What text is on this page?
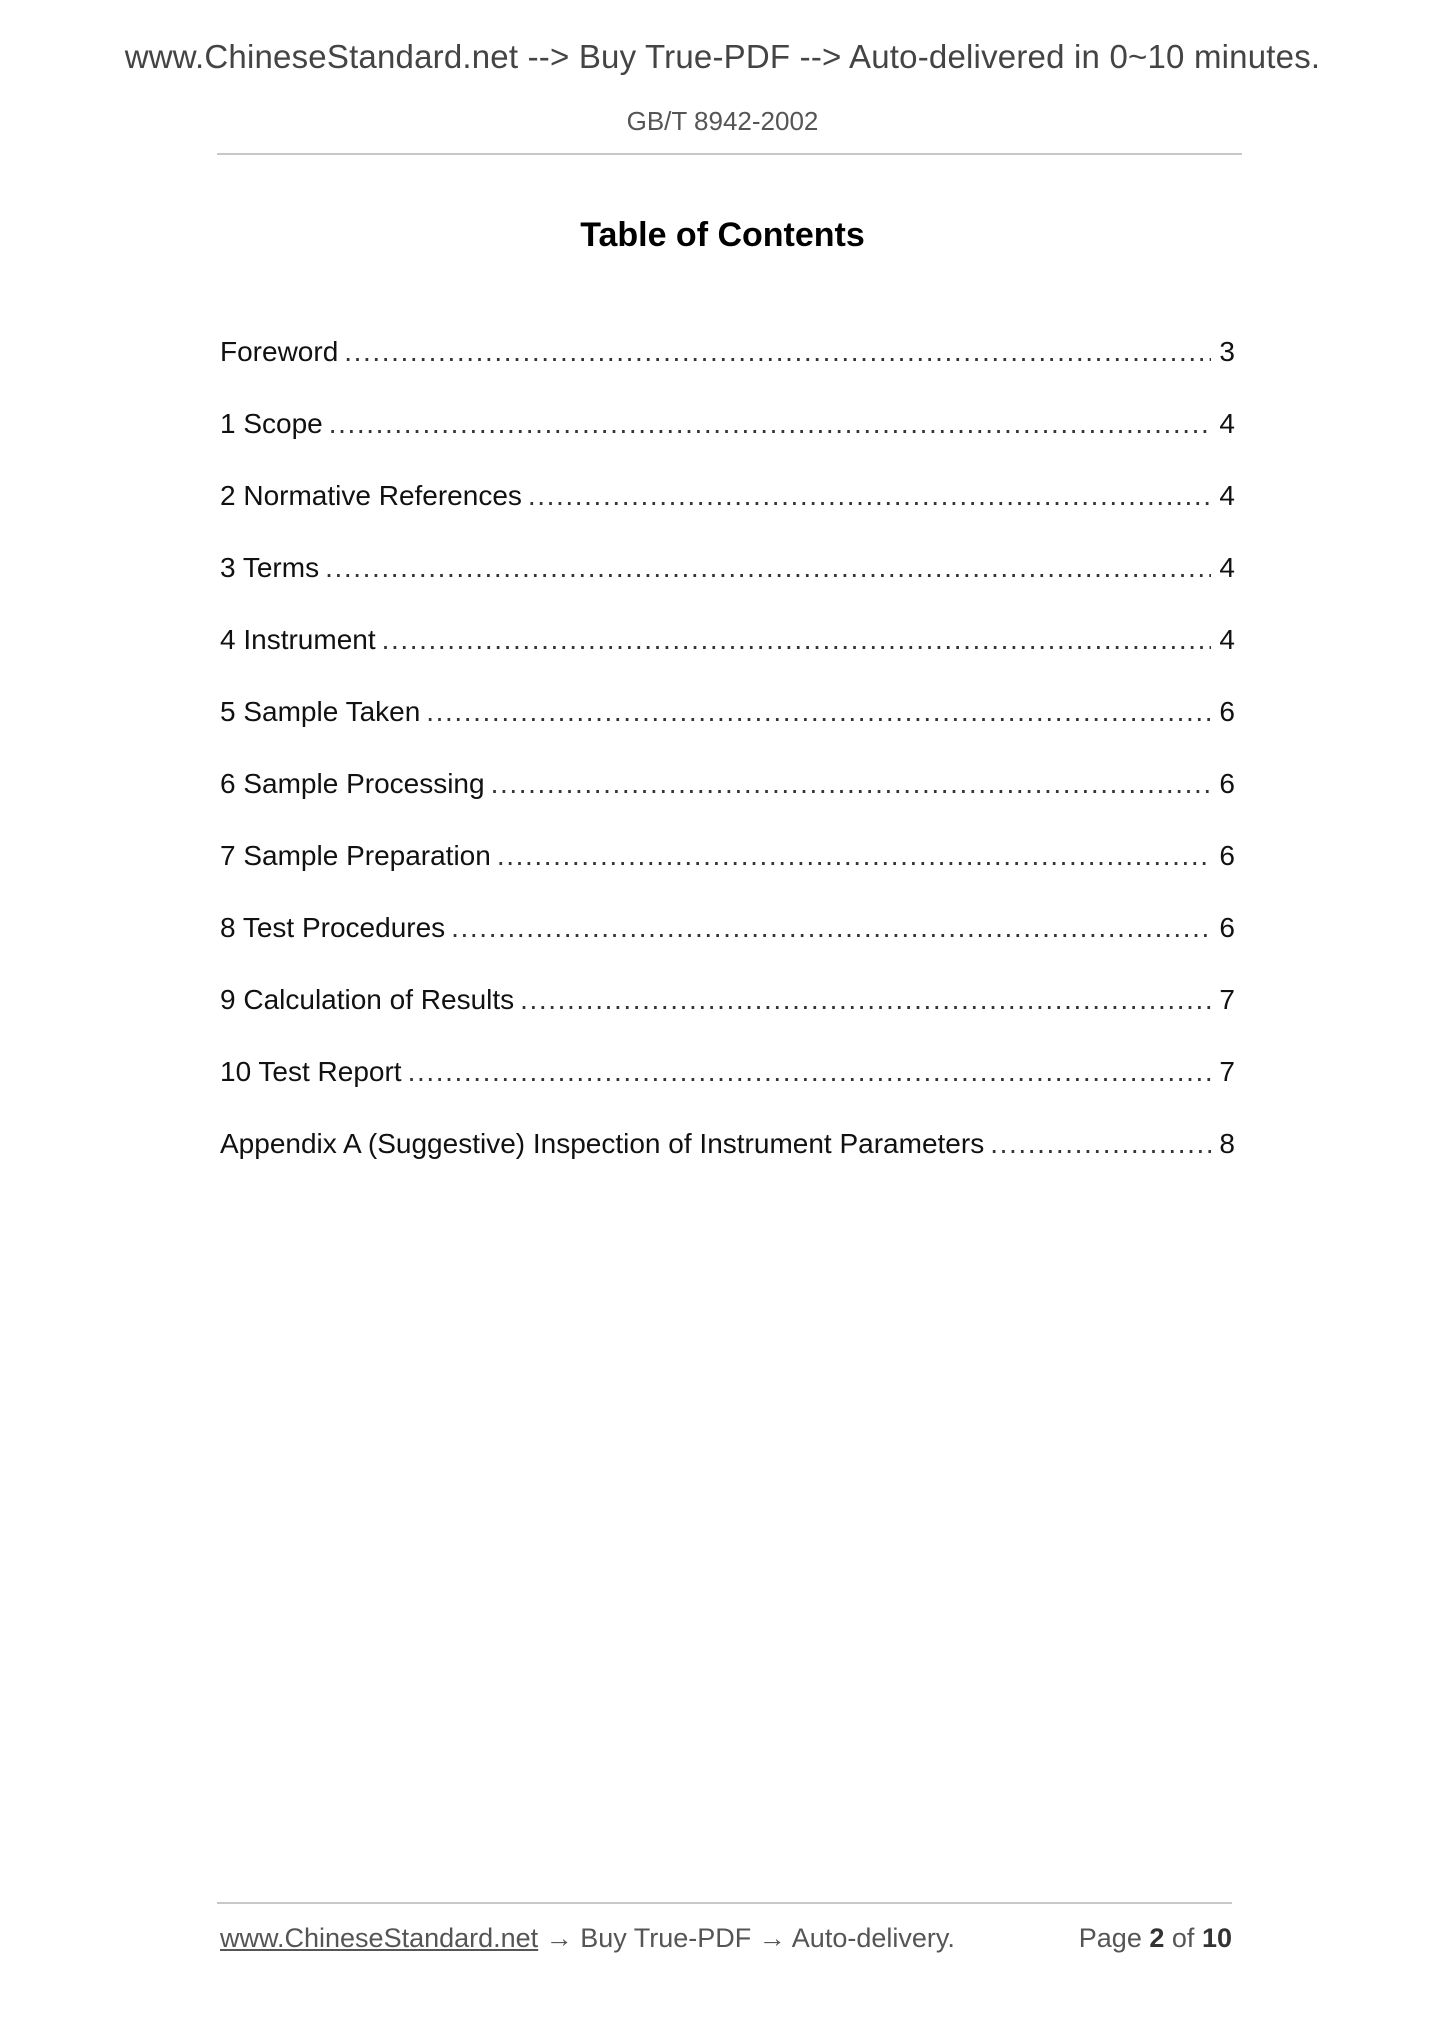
www.ChineseStandard.net --> Buy True-PDF --> Auto-delivered in 0~10 minutes.
GB/T 8942-2002
Table of Contents
Foreword .....	3
1 Scope .....	4
2 Normative References .....	4
3 Terms .....	4
4 Instrument .....	4
5 Sample Taken .....	6
6 Sample Processing .....	6
7 Sample Preparation .....	6
8 Test Procedures .....	6
9 Calculation of Results .....	7
10 Test Report .....	7
Appendix A (Suggestive) Inspection of Instrument Parameters .....	8
www.ChineseStandard.net → Buy True-PDF → Auto-delivery.	Page 2 of 10
